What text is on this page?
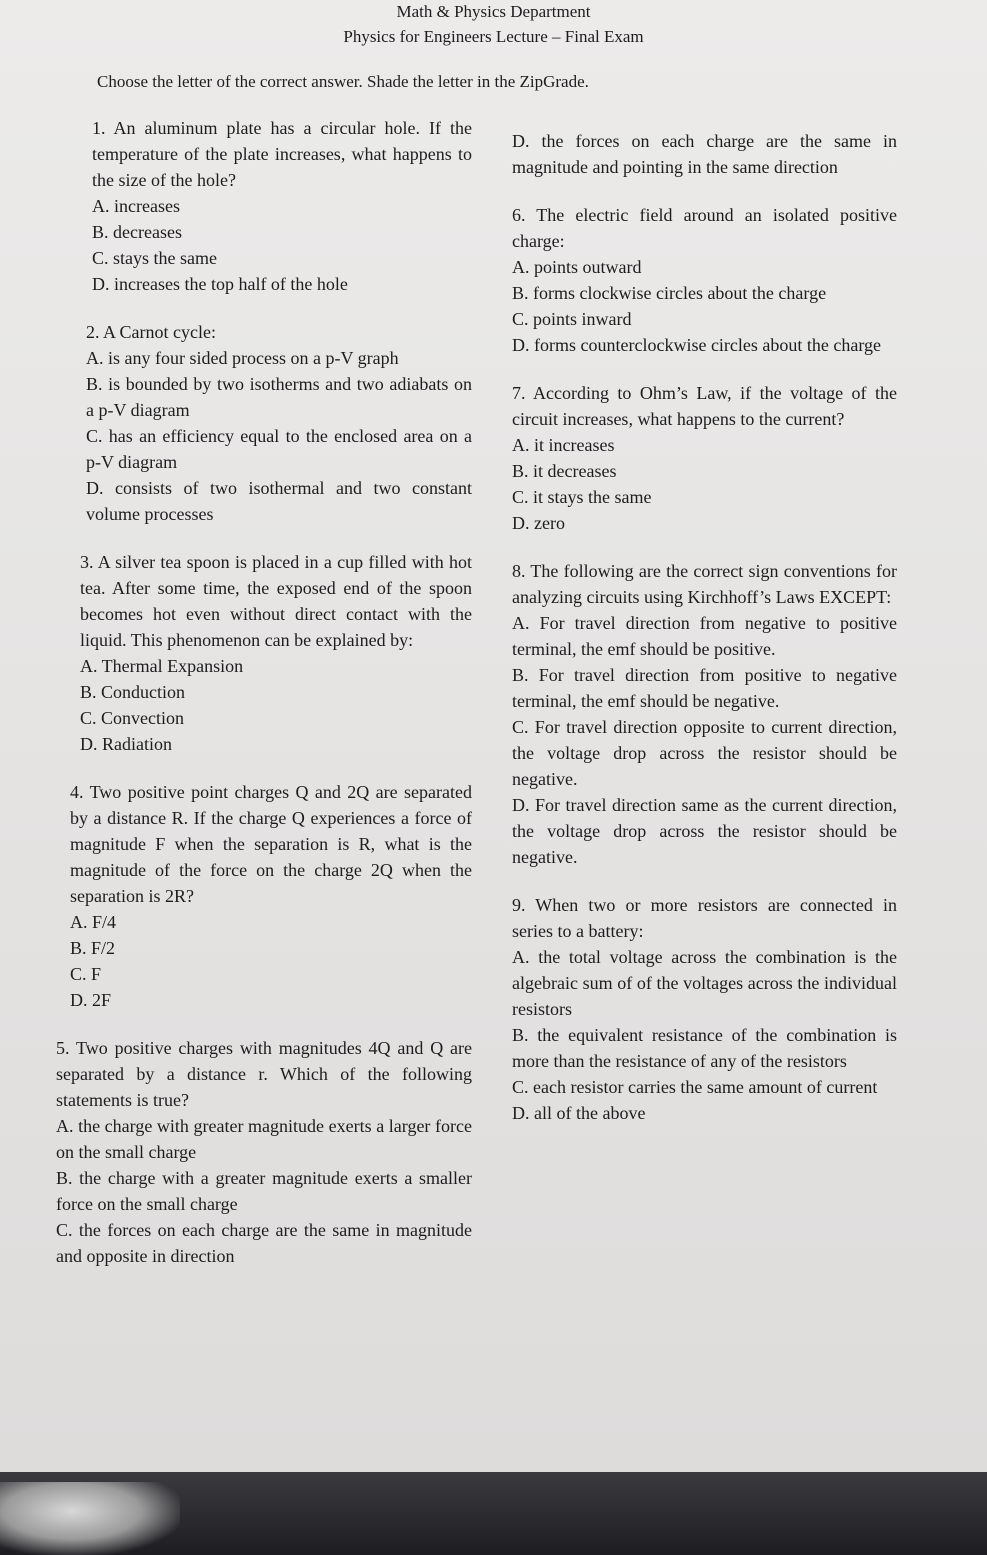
Math & Physics Department
Physics for Engineers Lecture – Final Exam
Choose the letter of the correct answer. Shade the letter in the ZipGrade.
1. An aluminum plate has a circular hole. If the temperature of the plate increases, what happens to the size of the hole?
A. increases
B. decreases
C. stays the same
D. increases the top half of the hole
2. A Carnot cycle:
A. is any four sided process on a p-V graph
B. is bounded by two isotherms and two adiabats on a p-V diagram
C. has an efficiency equal to the enclosed area on a p-V diagram
D. consists of two isothermal and two constant volume processes
3. A silver tea spoon is placed in a cup filled with hot tea. After some time, the exposed end of the spoon becomes hot even without direct contact with the liquid. This phenomenon can be explained by:
A. Thermal Expansion
B. Conduction
C. Convection
D. Radiation
4. Two positive point charges Q and 2Q are separated by a distance R. If the charge Q experiences a force of magnitude F when the separation is R, what is the magnitude of the force on the charge 2Q when the separation is 2R?
A. F/4
B. F/2
C. F
D. 2F
5. Two positive charges with magnitudes 4Q and Q are separated by a distance r. Which of the following statements is true?
A. the charge with greater magnitude exerts a larger force on the small charge
B. the charge with a greater magnitude exerts a smaller force on the small charge
C. the forces on each charge are the same in magnitude and opposite in direction
D. the forces on each charge are the same in magnitude and pointing in the same direction
6. The electric field around an isolated positive charge:
A. points outward
B. forms clockwise circles about the charge
C. points inward
D. forms counterclockwise circles about the charge
7. According to Ohm’s Law, if the voltage of the circuit increases, what happens to the current?
A. it increases
B. it decreases
C. it stays the same
D. zero
8. The following are the correct sign conventions for analyzing circuits using Kirchhoff’s Laws EXCEPT:
A. For travel direction from negative to positive terminal, the emf should be positive.
B. For travel direction from positive to negative terminal, the emf should be negative.
C. For travel direction opposite to current direction, the voltage drop across the resistor should be negative.
D. For travel direction same as the current direction, the voltage drop across the resistor should be negative.
9. When two or more resistors are connected in series to a battery:
A. the total voltage across the combination is the algebraic sum of of the voltages across the individual resistors
B. the equivalent resistance of the combination is more than the resistance of any of the resistors
C. each resistor carries the same amount of current
D. all of the above
